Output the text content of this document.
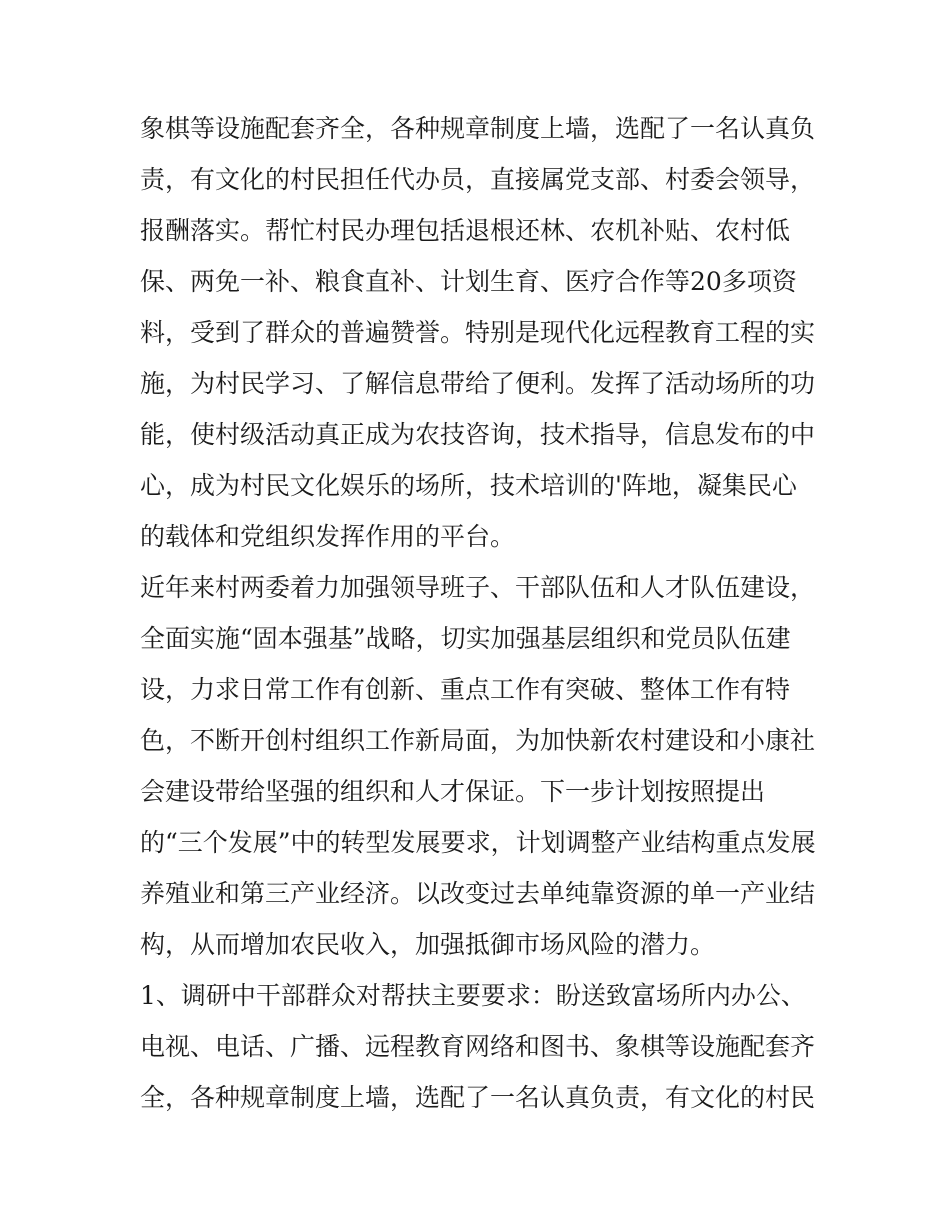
象棋等设施配套齐全，各种规章制度上墙，选配了一名认真负
责，有文化的村民担任代办员，直接属党支部、村委会领导，
报酬落实。帮忙村民办理包括退根还林、农机补贴、农村低
保、两免一补、粮食直补、计划生育、医疗合作等20多项资
料，受到了群众的普遍赞誉。特别是现代化远程教育工程的实
施，为村民学习、了解信息带给了便利。发挥了活动场所的功
能，使村级活动真正成为农技咨询，技术指导，信息发布的中
心，成为村民文化娱乐的场所，技术培训的'阵地，凝集民心
的载体和党组织发挥作用的平台。
近年来村两委着力加强领导班子、干部队伍和人才队伍建设，
全面实施“固本强基”战略，切实加强基层组织和党员队伍建
设，力求日常工作有创新、重点工作有突破、整体工作有特
色，不断开创村组织工作新局面，为加快新农村建设和小康社
会建设带给坚强的组织和人才保证。下一步计划按照提出
的“三个发展”中的转型发展要求，计划调整产业结构重点发展
养殖业和第三产业经济。以改变过去单纯靠资源的单一产业结
构，从而增加农民收入，加强抵御市场风险的潜力。
1、调研中干部群众对帮扶主要要求：盼送致富场所内办公、
电视、电话、广播、远程教育网络和图书、象棋等设施配套齐
全，各种规章制度上墙，选配了一名认真负责，有文化的村民
